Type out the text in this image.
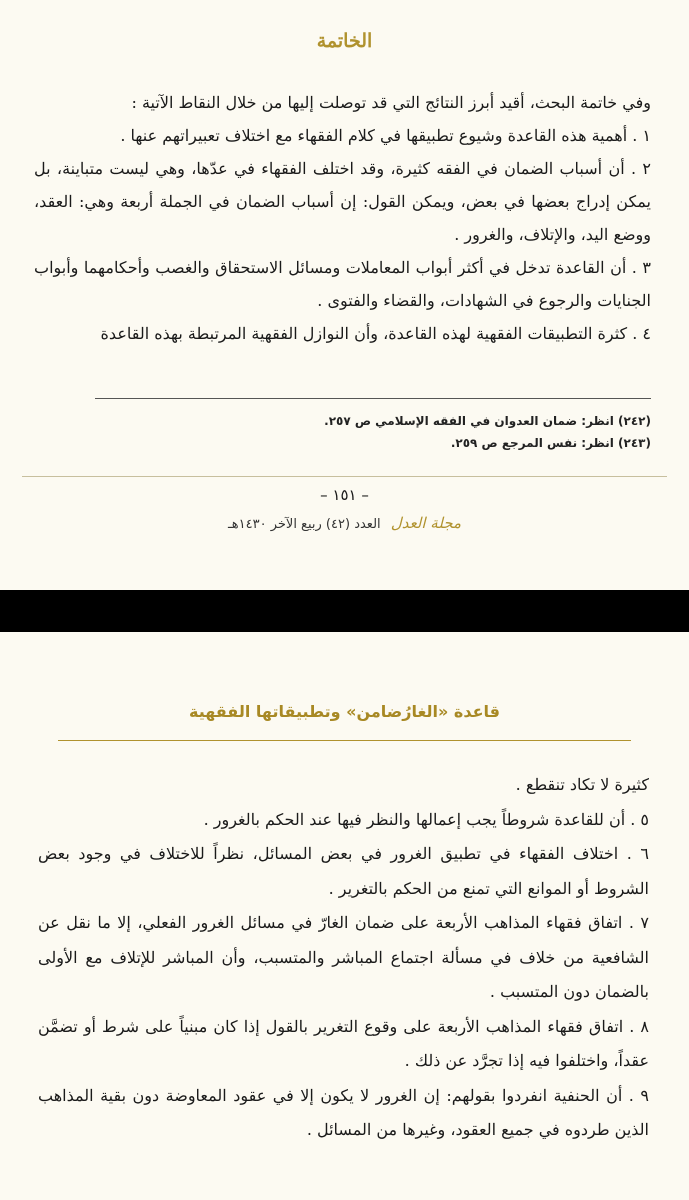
الخاتمة

وفي خاتمة البحث، أقيد أبرز النتائج التي قد توصلت إليها من خلال النقاط الآتية :

١ . أهمية هذه القاعدة وشيوع تطبيقها في كلام الفقهاء مع اختلاف تعبيراتهم عنها .

٢ . أن أسباب الضمان في الفقه كثيرة، وقد اختلف الفقهاء في عدّها، وهي ليست متباينة، بل يمكن إدراج بعضها في بعض، ويمكن القول: إن أسباب الضمان في الجملة أربعة وهي: العقد، ووضع اليد، والإتلاف، والغرور .

٣ . أن القاعدة تدخل في أكثر أبواب المعاملات ومسائل الاستحقاق والغصب وأحكامهما وأبواب الجنايات والرجوع في الشهادات، والقضاء والفتوى .

٤ . كثرة التطبيقات الفقهية لهذه القاعدة، وأن النوازل الفقهية المرتبطة بهذه القاعدة

(٢٤٢) انظر: ضمان العدوان في الفقه الإسلامي ص ٢٥٧.
(٢٤٣) انظر: نفس المرجع ص ٢٥٩.
– ١٥١ –
مجلة العدل العدد (٤٢) ربيع الآخر ١٤٣٠هـ
قاعدة «الغارُضامن» وتطبيقاتها الفقهية

كثيرة لا تكاد تنقطع .

٥ . أن للقاعدة شروطاً يجب إعمالها والنظر فيها عند الحكم بالغرور .

٦ . اختلاف الفقهاء في تطبيق الغرور في بعض المسائل، نظراً للاختلاف في وجود بعض الشروط أو الموانع التي تمنع من الحكم بالتغرير .

٧ . اتفاق فقهاء المذاهب الأربعة على ضمان الغارّ في مسائل الغرور الفعلي، إلا ما نقل عن الشافعية من خلاف في مسألة اجتماع المباشر والمتسبب، وأن المباشر للإتلاف مع الأولى بالضمان دون المتسبب .

٨ . اتفاق فقهاء المذاهب الأربعة على وقوع التغرير بالقول إذا كان مبنياً على شرط أو تضمَّن عقداً، واختلفوا فيه إذا تجرَّد عن ذلك .

٩ . أن الحنفية انفردوا بقولهم: إن الغرور لا يكون إلا في عقود المعاوضة دون بقية المذاهب الذين طردوه في جميع العقود، وغيرها من المسائل .
